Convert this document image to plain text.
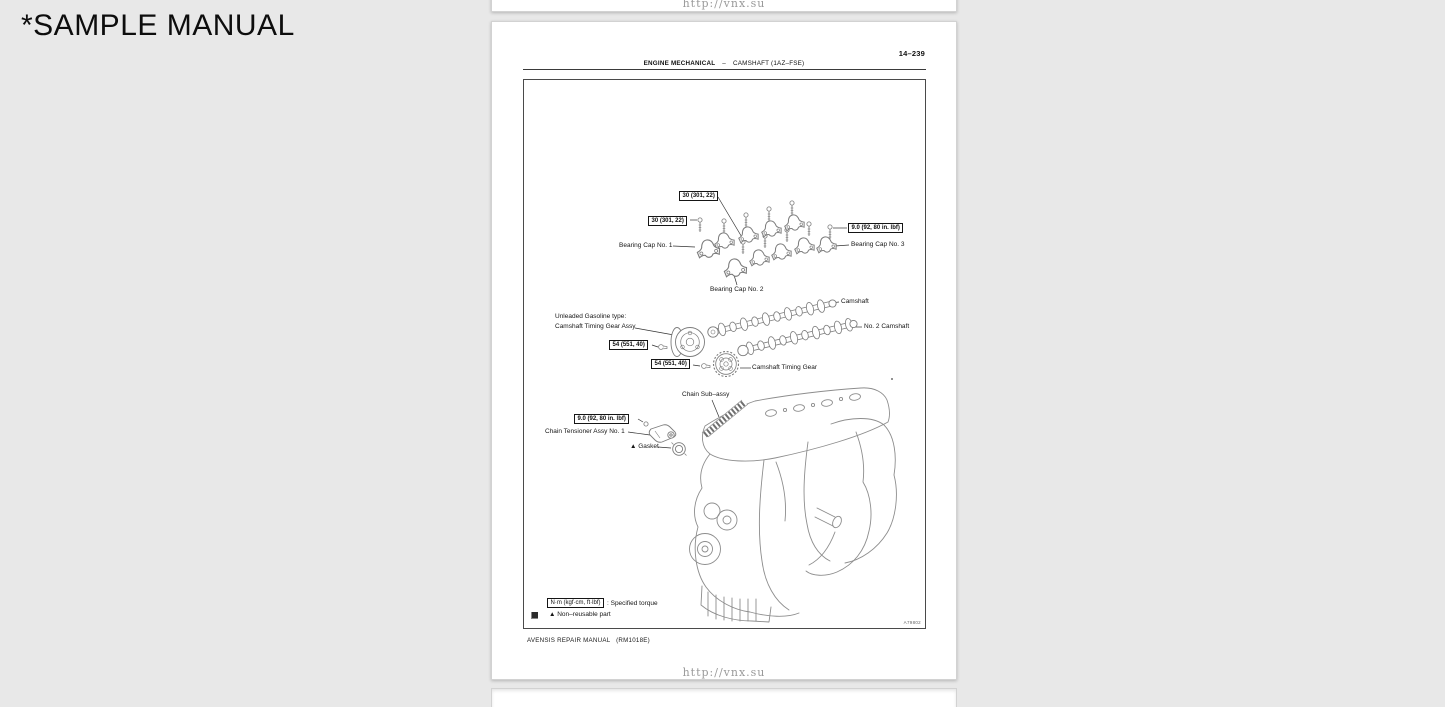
*SAMPLE MANUAL
http://vnx.su
14–239
ENGINE MECHANICAL – CAMSHAFT (1AZ–FSE)
30 (301, 22)
30 (301, 22)
9.0 (92, 80 in. lbf)
54 (551, 40)
54 (551, 40)
9.0 (92, 80 in. lbf)
Bearing Cap No. 1
Bearing Cap No. 2
Bearing Cap No. 3
Camshaft
Unleaded Gasoline type:
Camshaft Timing Gear Assy	No. 2 Camshaft
Camshaft Timing Gear
Chain Sub–assy
Chain Tensioner Assy No. 1
▲ Gasket
N·m (kgf·cm, ft·lbf)	: Specified torque
▲ Non–reusable part
A79802
AVENSIS REPAIR MANUAL   (RM1018E)
http://vnx.su
